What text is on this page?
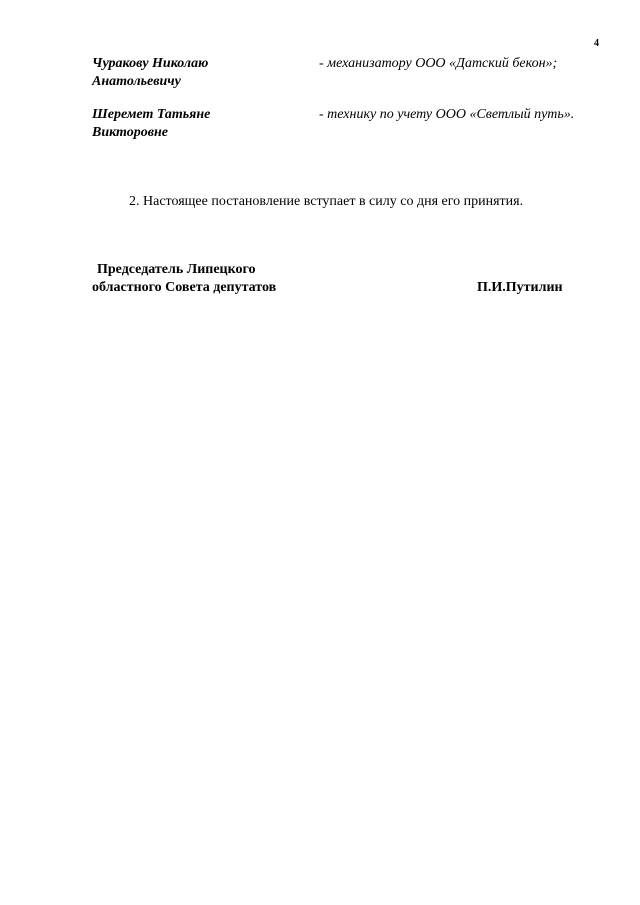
4
Чуракову Николаю
Анатольевичу
- механизатору ООО «Датский бекон»;
Шеремет Татьяне
Викторовне
- технику по учету ООО «Светлый путь».
2. Настоящее постановление вступает в силу со дня его принятия.
Председатель Липецкого
областного Совета депутатов	П.И.Путилин
